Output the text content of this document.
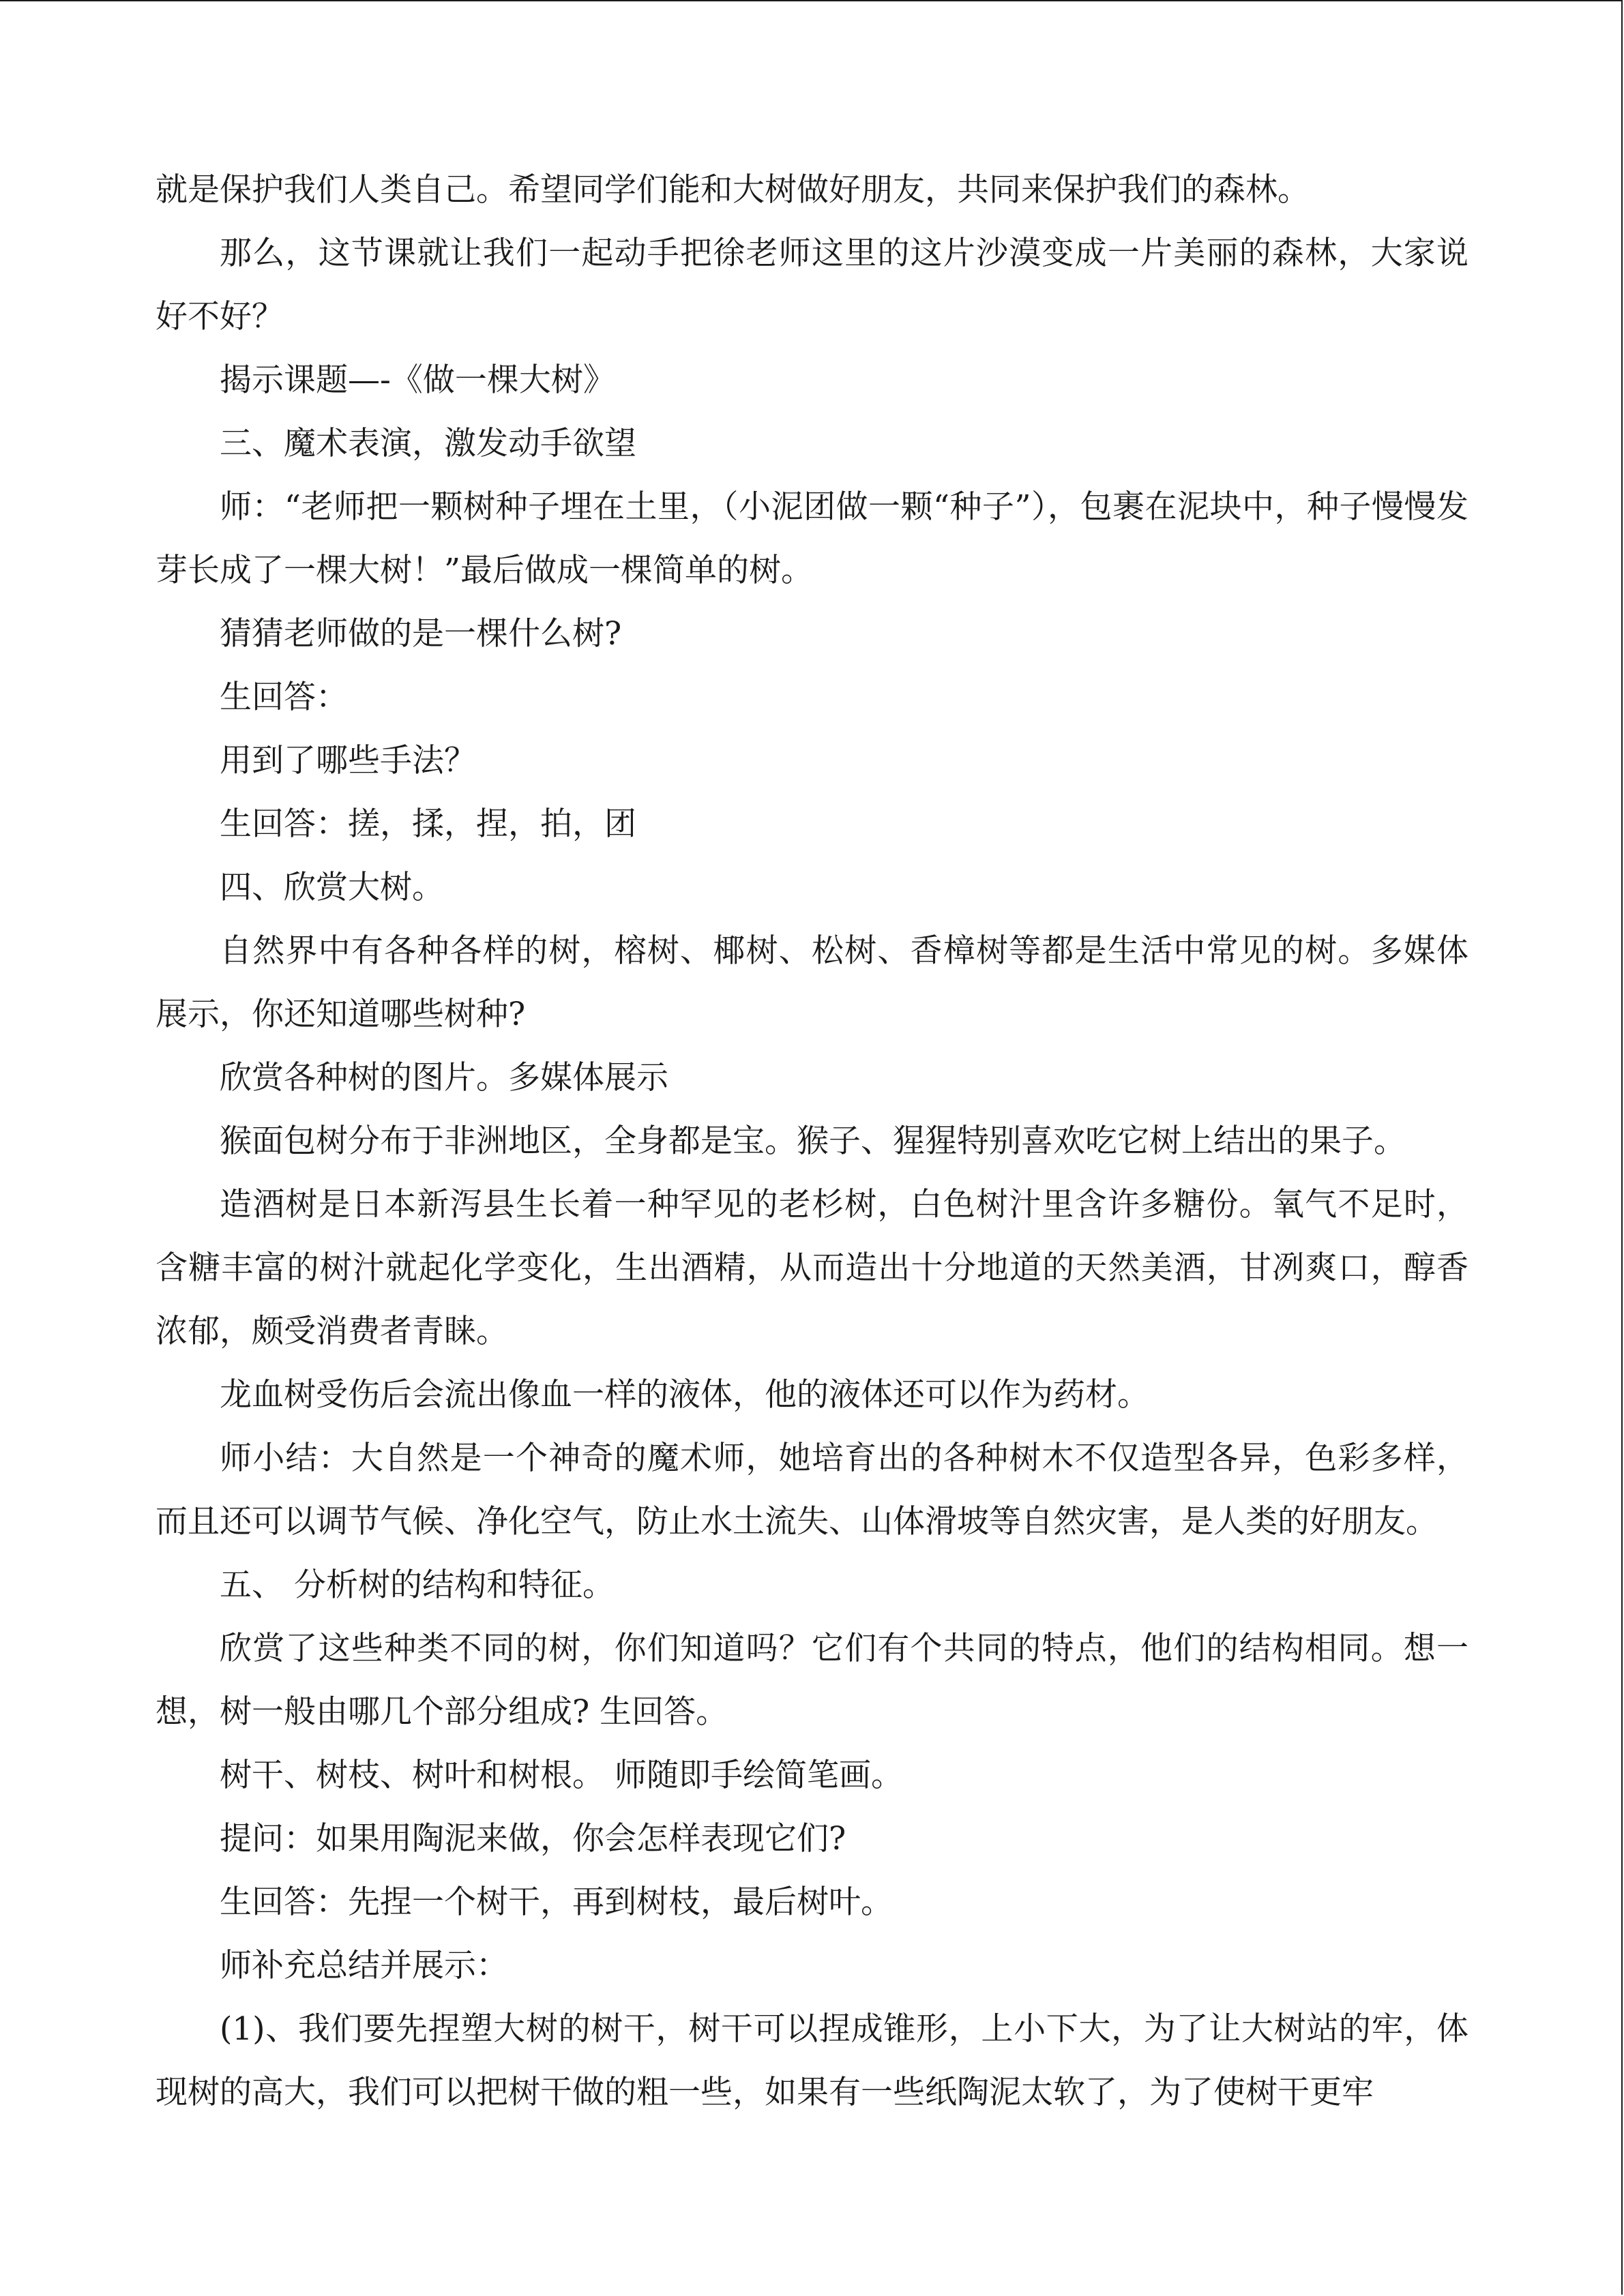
就是保护我们人类自己。希望同学们能和大树做好朋友，共同来保护我们的森林。

那么，这节课就让我们一起动手把徐老师这里的这片沙漠变成一片美丽的森林，大家说好不好？

揭示课题—-《做一棵大树》

三、魔术表演，激发动手欲望

师：“老师把一颗树种子埋在土里，（小泥团做一颗“种子”），包裹在泥块中，种子慢慢发芽长成了一棵大树！”最后做成一棵简单的树。

猜猜老师做的是一棵什么树?

生回答：

用到了哪些手法？

生回答：搓，揉，捏，拍，团

四、欣赏大树。

自然界中有各种各样的树，榕树、椰树、松树、香樟树等都是生活中常见的树。多媒体展示，你还知道哪些树种?

欣赏各种树的图片。多媒体展示

猴面包树分布于非洲地区，全身都是宝。猴子、猩猩特别喜欢吃它树上结出的果子。

造酒树是日本新泻县生长着一种罕见的老杉树，白色树汁里含许多糖份。氧气不足时，含糖丰富的树汁就起化学变化，生出酒精，从而造出十分地道的天然美酒，甘冽爽口，醇香浓郁，颇受消费者青睐。

龙血树受伤后会流出像血一样的液体，他的液体还可以作为药材。

师小结：大自然是一个神奇的魔术师，她培育出的各种树木不仅造型各异，色彩多样，而且还可以调节气候、净化空气，防止水土流失、山体滑坡等自然灾害，是人类的好朋友。

五、 分析树的结构和特征。

欣赏了这些种类不同的树，你们知道吗？它们有个共同的特点，他们的结构相同。想一想，树一般由哪几个部分组成? 生回答。

树干、树枝、树叶和树根。 师随即手绘简笔画。

提问：如果用陶泥来做，你会怎样表现它们?

生回答：先捏一个树干，再到树枝，最后树叶。

师补充总结并展示：

(1)、我们要先捏塑大树的树干，树干可以捏成锥形，上小下大，为了让大树站的牢，体现树的高大，我们可以把树干做的粗一些，如果有一些纸陶泥太软了，为了使树干更牢
